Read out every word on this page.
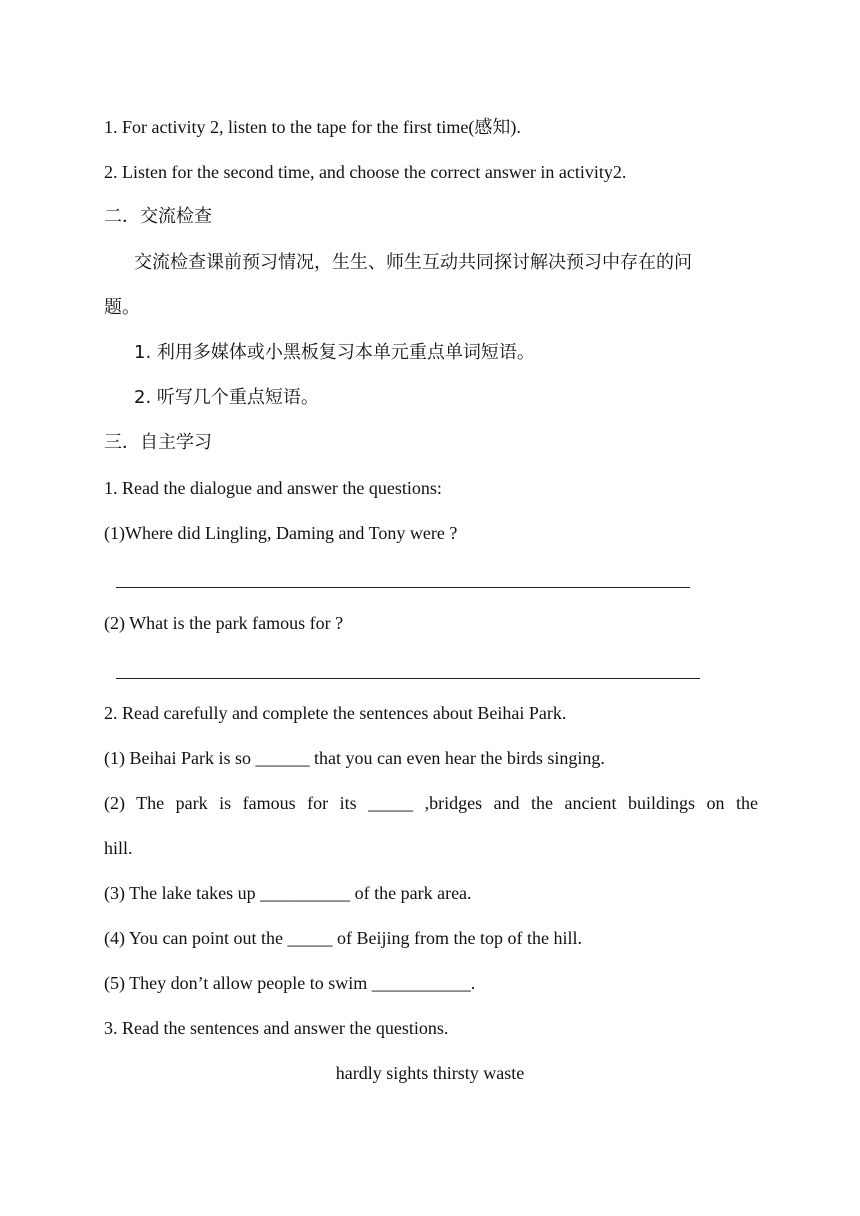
1. For activity 2, listen to the tape for the first time(感知).
2. Listen for the second time, and choose the correct answer in activity2.
二．交流检查
交流检查课前预习情况，生生、师生互动共同探讨解决预习中存在的问
题。
1. 利用多媒体或小黑板复习本单元重点单词短语。
2. 听写几个重点短语。
三．自主学习
1. Read the dialogue and answer the questions:
(1)Where did Lingling, Daming and Tony were ?
(2) What is the park famous for ?
2. Read carefully and complete the sentences about Beihai Park.
(1) Beihai Park is so ______ that you can even hear the birds singing.
(2) The park is famous for its _____ ,bridges and the ancient buildings on the
hill.
(3) The lake takes up __________ of the park area.
(4) You can point out the _____ of Beijing from the top of the hill.
(5) They don’t allow people to swim ___________.
3. Read the sentences and answer the questions.
hardly sights thirsty waste
